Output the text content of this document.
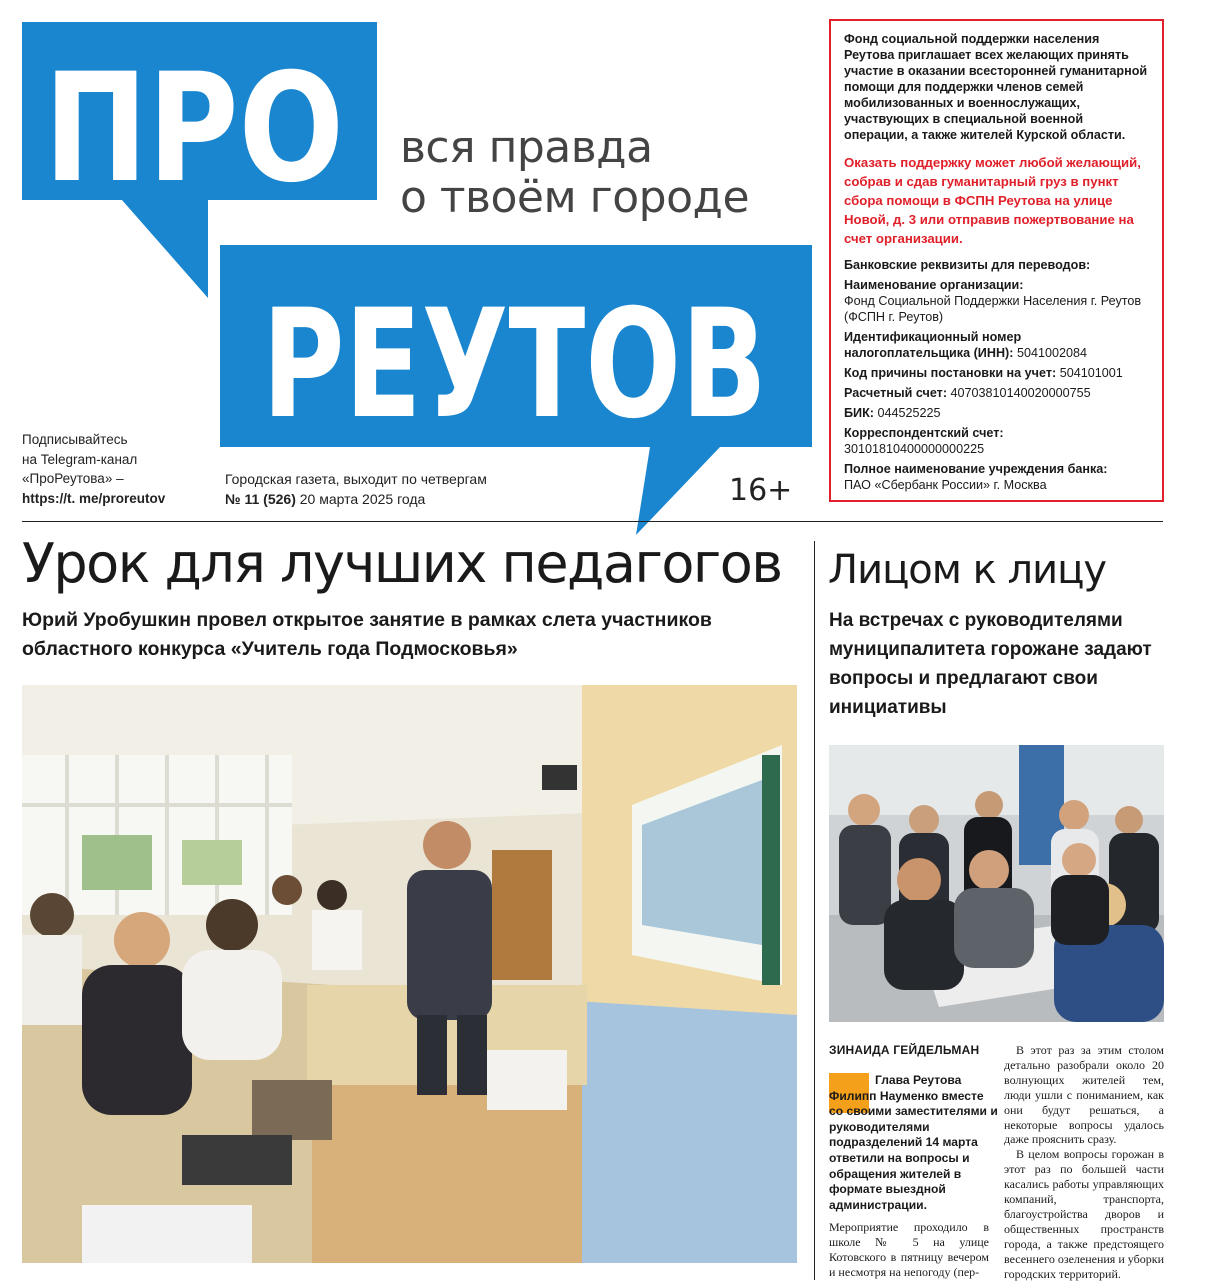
ПРО
РЕУТОВ
вся правда
о твоём городе
Подписывайтесь
на Telegram-канал
«ПроРеутова» –
https://t. me/proreutov
Городская газета, выходит по четвергам
№ 11 (526) 20 марта 2025 года	16+

Фонд социальной поддержки населения Реутова приглашает всех желающих принять участие в оказании всесторонней гуманитарной помощи для поддержки членов семей мобилизованных и военнослужащих, участвующих в специальной военной операции, а также жителей Курской области.

Оказать поддержку может любой желающий, собрав и сдав гуманитарный груз в пункт сбора помощи в ФСПН Реутова на улице Новой, д. 3 или отправив пожертвование на счет организации.

Банковские реквизиты для переводов:

Наименование организации:
Фонд Социальной Поддержки Населения г. Реутов (ФСПН г. Реутов)

Идентификационный номер налогоплательщика (ИНН): 5041002084

Код причины постановки на учет: 504101001

Расчетный счет: 40703810140020000755

БИК: 044525225

Корреспондентский счет:
30101810400000000225

Полное наименование учреждения банка:
ПАО «Сбербанк России» г. Москва

Урок для лучших педагогов
Юрий Уробушкин провел открытое занятие в рамках слета участников областного конкурса «Учитель года Подмосковья»
Лицом к лицу
На встречах с руководителями муниципалитета горожане задают вопросы и предлагают свои инициативы
ЗИНАИДА ГЕЙДЕЛЬМАН
Глава Реутова Филипп Науменко вместе со своими заместителями и руководителями подразделений 14 марта ответили на вопросы и обращения жителей в формате выездной администрации.
Мероприятие проходило в школе № 5 на улице Котовского в пятницу вечером и несмотря на непогоду (пер-

В этот раз за этим столом детально разобрали около 20 волнующих жителей тем, люди ушли с пониманием, как они будут решаться, а некоторые вопросы удалось даже прояснить сразу.

В целом вопросы горожан в этот раз по большей части касались работы управляющих компаний, транспорта, благоустройства дворов и общественных пространств города, а также предстоящего весеннего озеленения и уборки городских территорий.
